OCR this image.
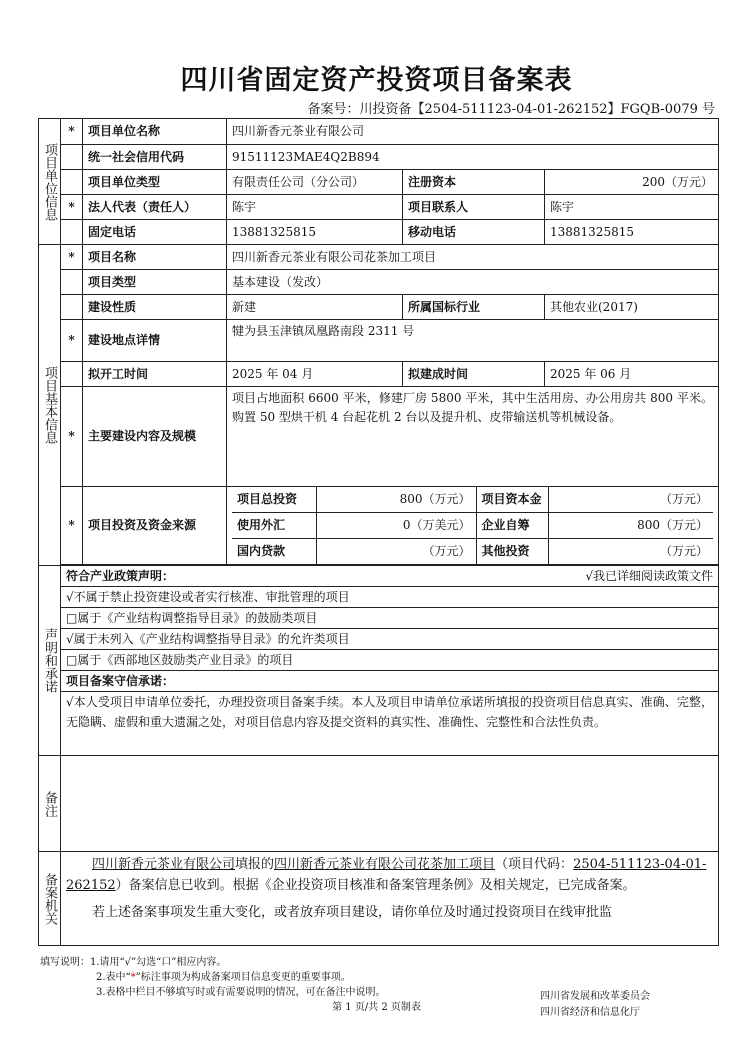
四川省固定资产投资项目备案表
备案号：川投资备【2504-511123-04-01-262152】FGQB-0079 号
项目单位信息	*	项目单位名称	四川新香元茶业有限公司
	统一社会信用代码	91511123MAE4Q2B894
	项目单位类型	有限责任公司（分公司）	注册资本	200（万元）
*	法人代表（责任人）	陈宇	项目联系人	陈宇
	固定电话	13881325815	移动电话	13881325815
项目基本信息	*	项目名称	四川新香元茶业有限公司花茶加工项目
	项目类型	基本建设（发改）
	建设性质	新建	所属国标行业	其他农业(2017)
*	建设地点详情	犍为县玉津镇凤凰路南段 2311 号
	拟开工时间	2025 年 04 月	拟建成时间	2025 年 06 月
*	主要建设内容及规模	项目占地面积 6600 平米，修建厂房 5800 平米，其中生活用房、办公用房共 800 平米。购置 50 型烘干机 4 台起花机 2 台以及提升机、皮带输送机等机械设备。
*	项目投资及资金来源	
项目总投资	800（万元）	项目资本金	（万元）
使用外汇	0（万美元）	企业自筹	800（万元）
国内贷款	（万元）	其他投资	（万元）

声明和承诺	符合产业政策声明：	√我已详细阅读政策文件

√不属于禁止投资建设或者实行核准、审批管理的项目
□属于《产业结构调整指导目录》的鼓励类项目
√属于未列入《产业结构调整指导目录》的允许类项目
□属于《西部地区鼓励类产业目录》的项目
项目备案守信承诺：
√本人受项目申请单位委托，办理投资项目备案手续。本人及项目申请单位承诺所填报的投资项目信息真实、准确、完整，无隐瞒、虚假和重大遗漏之处，对项目信息内容及提交资料的真实性、准确性、完整性和合法性负责。
备注	
备案机关	
四川新香元茶业有限公司填报的四川新香元茶业有限公司花茶加工项目（项目代码：2504-511123-04-01-262152）备案信息已收到。根据《企业投资项目核准和备案管理条例》及相关规定，已完成备案。
若上述备案事项发生重大变化，或者放弃项目建设，请你单位及时通过投资项目在线审批监
填写说明：1.请用“√”勾选“口”相应内容。
2.表中“*”标注事项为构成备案项目信息变更的重要事项。
3.表格中栏目不够填写时或有需要说明的情况，可在备注中说明。
第 1 页/共 2 页制表
四川省发展和改革委员会
四川省经济和信息化厅
